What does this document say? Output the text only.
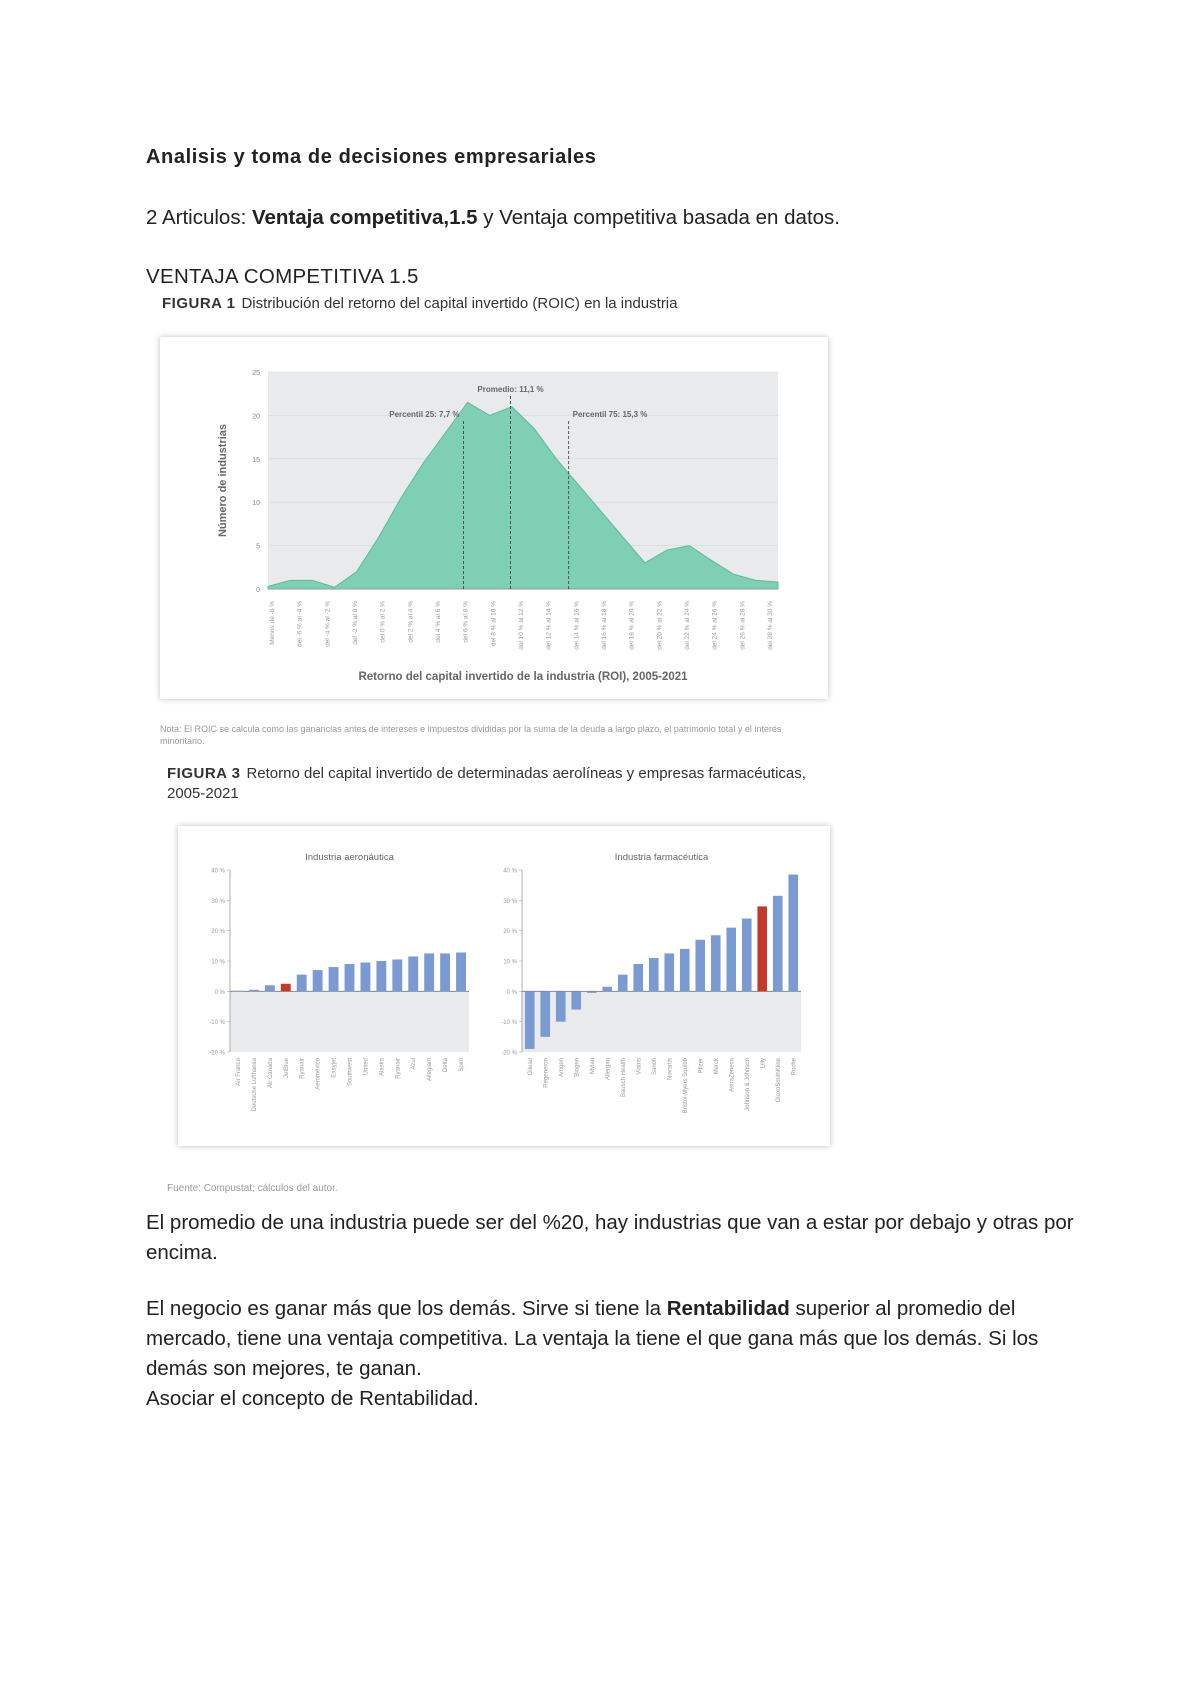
Analisis y toma de decisiones empresariales
2 Articulos: Ventaja competitiva,1.5 y Ventaja competitiva basada en datos.
VENTAJA COMPETITIVA 1.5
FIGURA 1 Distribución del retorno del capital invertido (ROIC) en la industria
0
5
10
15
20
25
Menos de -6 %	del -6 % al -4 %	del -4 % al -2 %	del -2 % al 0 %	del 0 % al 2 %	del 2 % al 4 %	del 4 % al 6 %	del 6 % al 8 %	del 8 % al 10 %	del 10 % al 12 %	del 12 % al 14 %	del 14 % al 16 %	del 16 % al 18 %	del 18 % al 20 %	del 20 % al 22 %	del 22 % al 24 %	del 24 % al 26 %	del 26 % al 28 %	del 28 % al 30 %
Percentil 25: 7,7 %
Promedio: 11,1 %
Percentil 75: 15,3 %
Número de industrias
Retorno del capital invertido de la industria (ROI), 2005-2021
Nota: El ROIC se calcula como las ganancias antes de intereses e impuestos divididas por la suma de la deuda a largo plazo, el patrimonio total y el interés minoritario.
FIGURA 3 Retorno del capital invertido de determinadas aerolíneas y empresas farmacéuticas, 2005-2021
40 %
30 %
20 %
10 %
0 %
-10 %
-20 %
Industria aeronáutica
Air France Deutsche Lufthansa Air Canada JetBlue Ryanair Aeroméxico Easyjet Southwest United Alaska Ryanair Azul Allegiant Delta Spirit
40 %
30 %
20 %
10 %
0 %
-10 %
-20 %
Industria farmacéutica
Gilead Regeneron Amgen Biogen Mylan Allergan Bausch Health Viatris Sanofi Novartis Bristol-Myers Squibb Pfizer Merck AstraZeneca Johnson & Johnson Lilly GlaxoSmithKline Roche
Fuente: Compustat; cálculos del autor.
El promedio de una industria puede ser del %20, hay industrias que van a estar por debajo y otras por encima.
El negocio es ganar más que los demás. Sirve si tiene la Rentabilidad superior al promedio del mercado, tiene una ventaja competitiva. La ventaja la tiene el que gana más que los demás. Si los demás son mejores, te ganan.
Asociar el concepto de Rentabilidad.
